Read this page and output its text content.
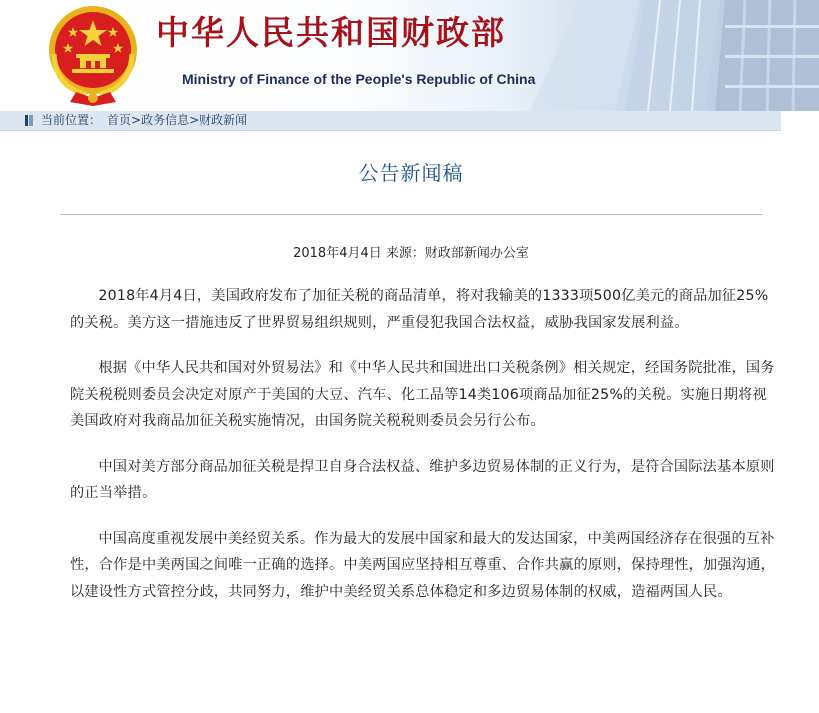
中华人民共和国财政部
Ministry of Finance of the People's Republic of China
当前位置： 首页>政务信息>财政新闻
公告新闻稿
2018年4月4日 来源：财政部新闻办公室

2018年4月4日，美国政府发布了加征关税的商品清单，将对我输美的1333项500亿美元的商品加征25%的关税。美方这一措施违反了世界贸易组织规则，严重侵犯我国合法权益，威胁我国家发展利益。

根据《中华人民共和国对外贸易法》和《中华人民共和国进出口关税条例》相关规定，经国务院批准，国务院关税税则委员会决定对原产于美国的大豆、汽车、化工品等14类106项商品加征25%的关税。实施日期将视美国政府对我商品加征关税实施情况，由国务院关税税则委员会另行公布。

中国对美方部分商品加征关税是捍卫自身合法权益、维护多边贸易体制的正义行为，是符合国际法基本原则的正当举措。

中国高度重视发展中美经贸关系。作为最大的发展中国家和最大的发达国家，中美两国经济存在很强的互补性，合作是中美两国之间唯一正确的选择。中美两国应坚持相互尊重、合作共赢的原则，保持理性，加强沟通，以建设性方式管控分歧，共同努力，维护中美经贸关系总体稳定和多边贸易体制的权威，造福两国人民。
